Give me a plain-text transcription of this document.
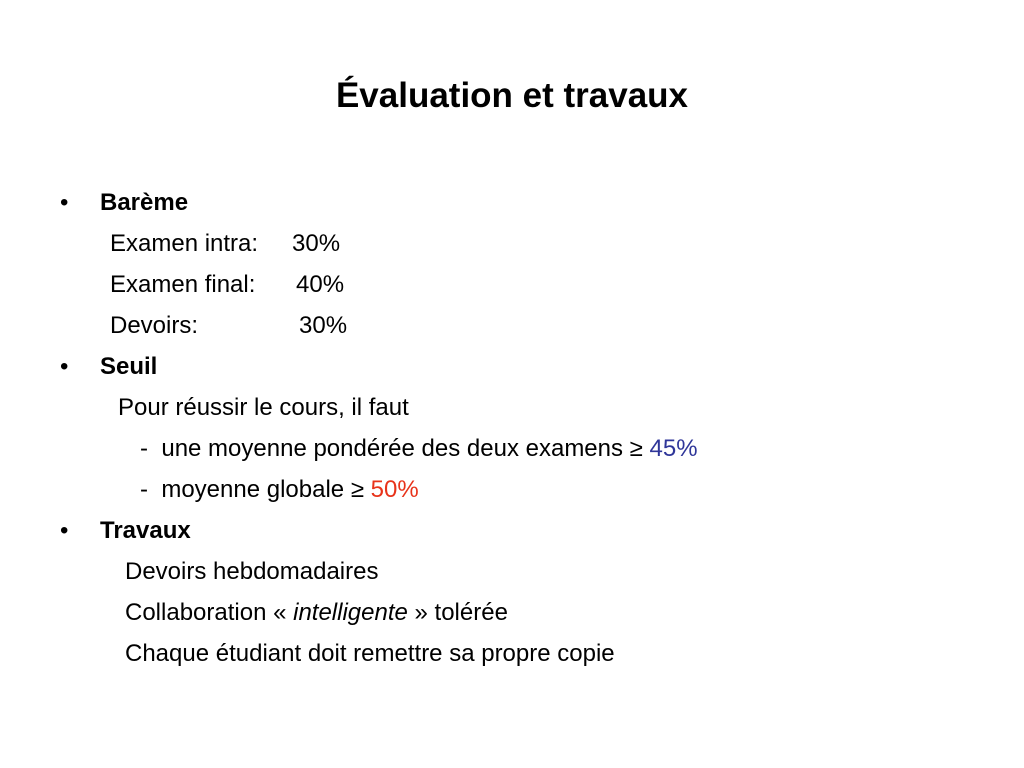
Évaluation et travaux
• Barème
Examen intra: 30%
Examen final: 40%
Devoirs:	30%
• Seuil
Pour réussir le cours, il faut
- une moyenne pondérée des deux examens ≥ 45%
- moyenne globale ≥ 50%
• Travaux
Devoirs hebdomadaires
Collaboration « intelligente » tolérée
Chaque étudiant doit remettre sa propre copie
